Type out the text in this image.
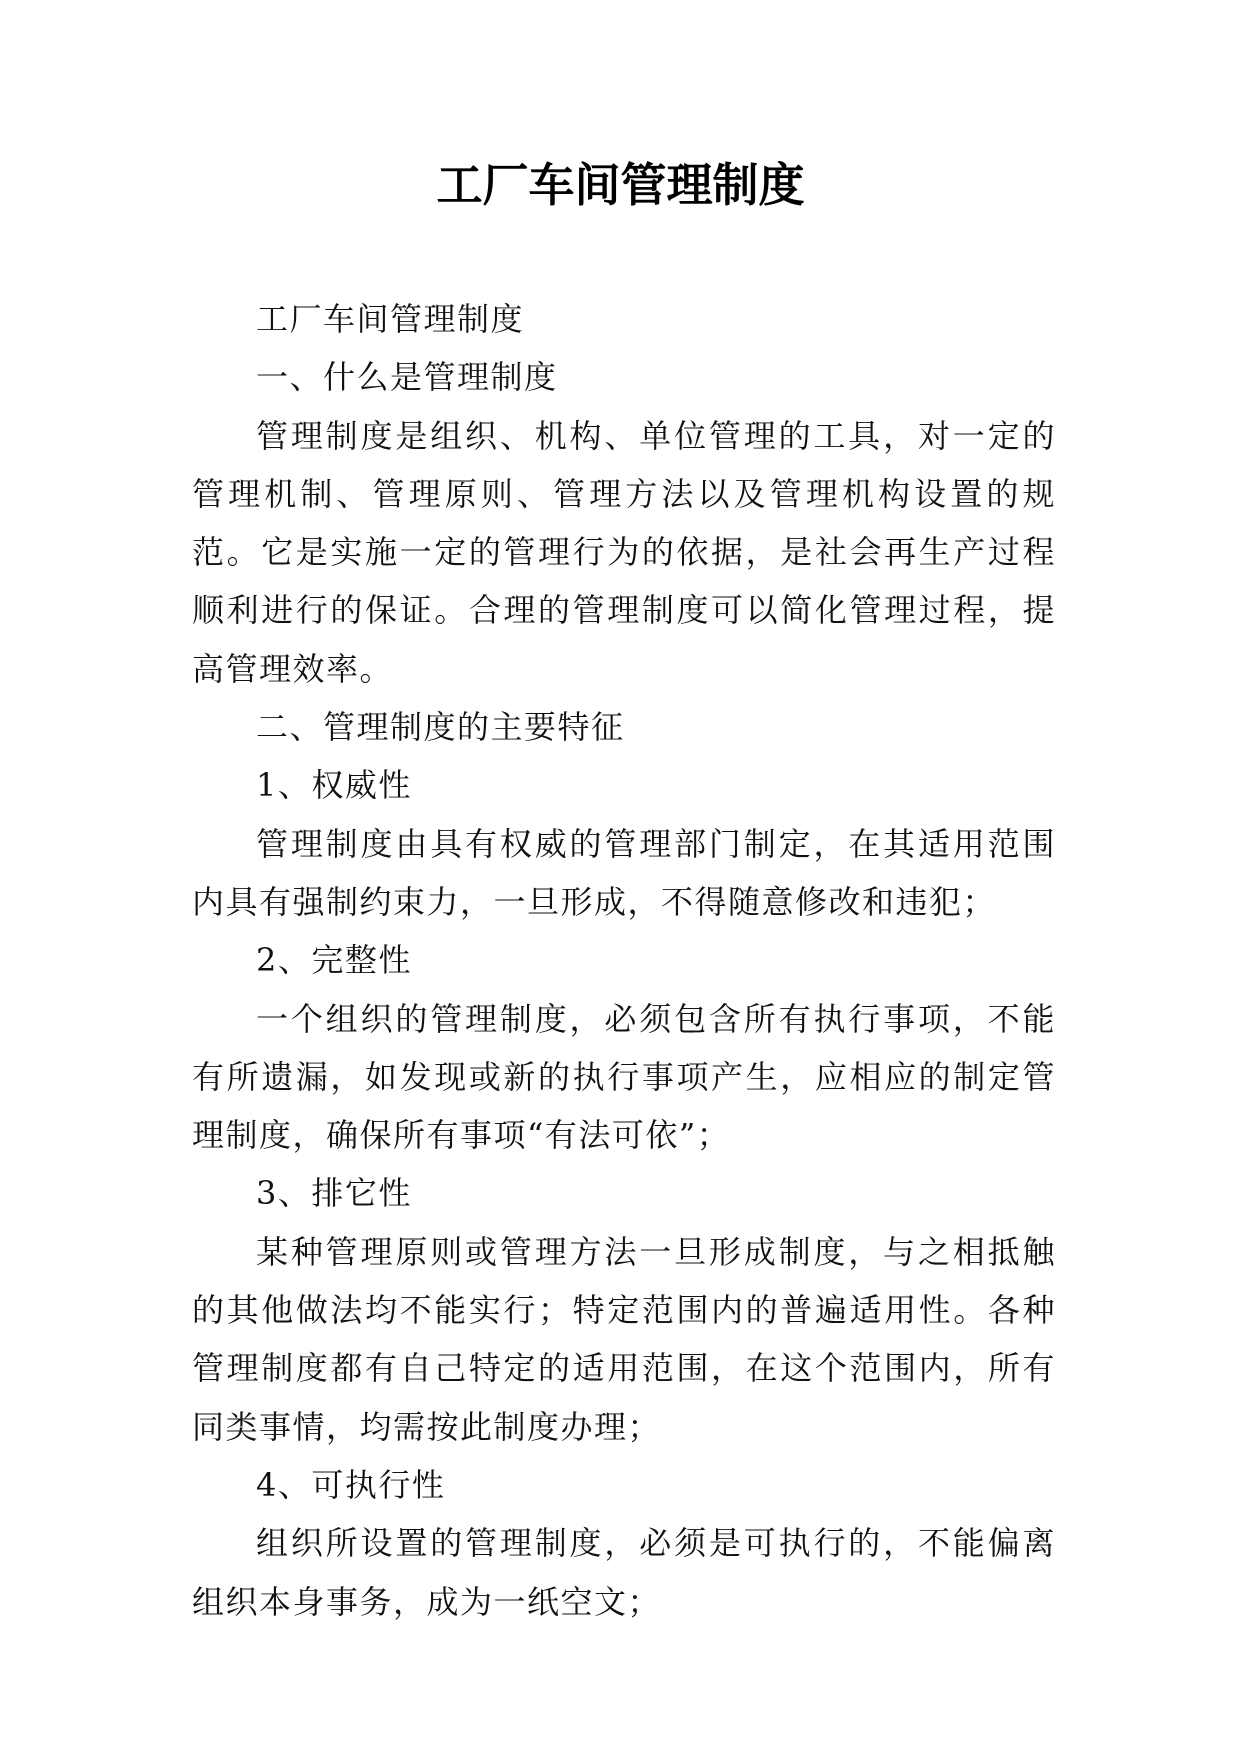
工厂车间管理制度

工厂车间管理制度

一、什么是管理制度

管理制度是组织、机构、单位管理的工具，对一定的管理机制、管理原则、管理方法以及管理机构设置的规范。它是实施一定的管理行为的依据，是社会再生产过程顺利进行的保证。合理的管理制度可以简化管理过程，提高管理效率。

二、管理制度的主要特征

1、权威性

管理制度由具有权威的管理部门制定，在其适用范围内具有强制约束力，一旦形成，不得随意修改和违犯；

2、完整性

一个组织的管理制度，必须包含所有执行事项，不能有所遗漏，如发现或新的执行事项产生，应相应的制定管理制度，确保所有事项“有法可依”；

3、排它性

某种管理原则或管理方法一旦形成制度，与之相抵触的其他做法均不能实行；特定范围内的普遍适用性。各种管理制度都有自己特定的适用范围，在这个范围内，所有同类事情，均需按此制度办理；

4、可执行性

组织所设置的管理制度，必须是可执行的，不能偏离组织本身事务，成为一纸空文；
